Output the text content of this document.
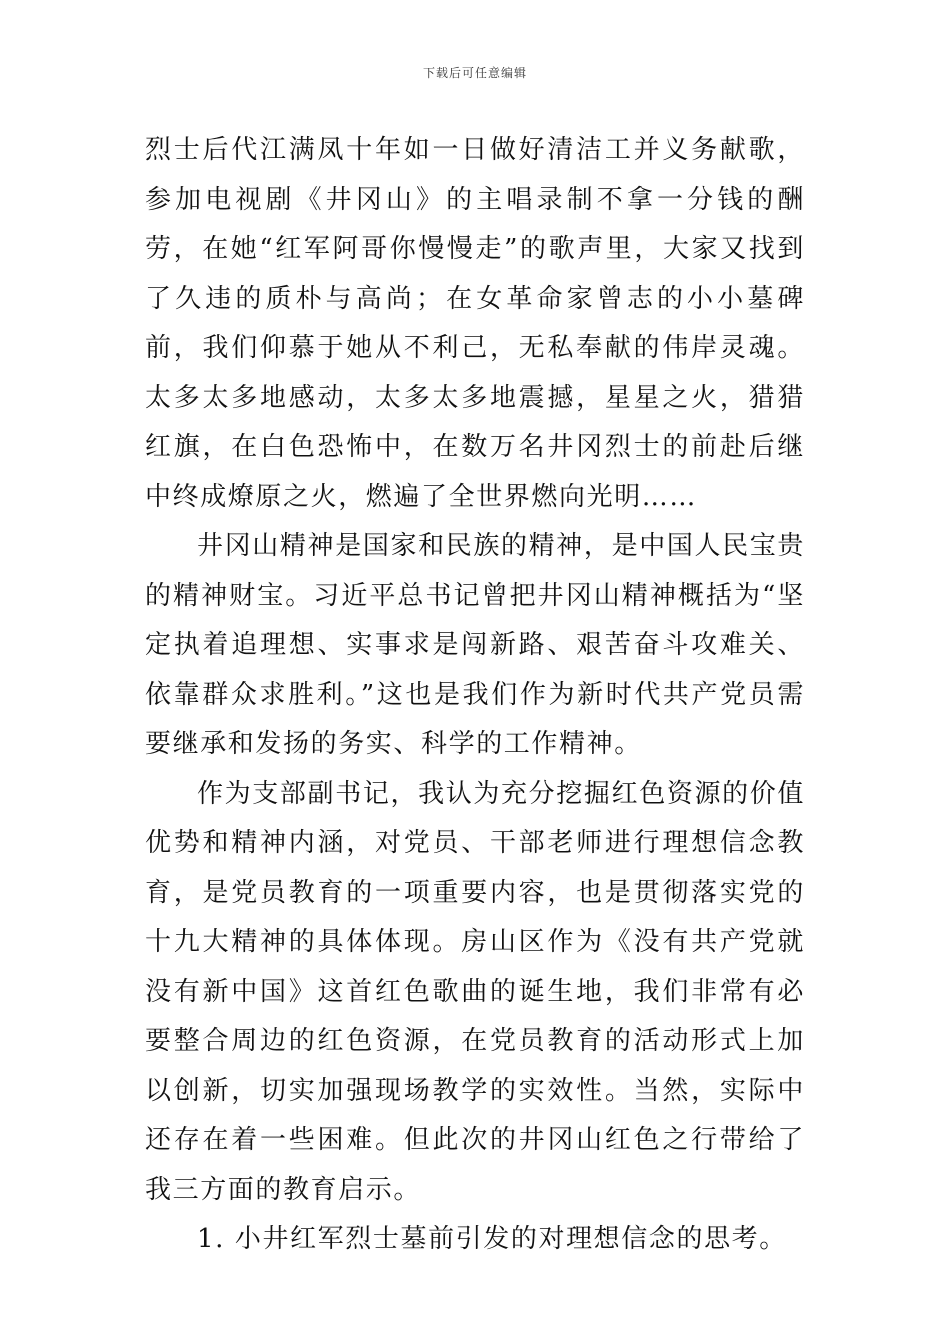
下载后可任意编辑

烈士后代江满凤十年如一日做好清洁工并义务献歌，参加电视剧《井冈山》的主唱录制不拿一分钱的酬劳，在她“红军阿哥你慢慢走”的歌声里，大家又找到了久违的质朴与高尚；在女革命家曾志的小小墓碑前，我们仰慕于她从不利己，无私奉献的伟岸灵魂。太多太多地感动，太多太多地震撼，星星之火，猎猎红旗，在白色恐怖中，在数万名井冈烈士的前赴后继中终成燎原之火，燃遍了全世界燃向光明……

井冈山精神是国家和民族的精神，是中国人民宝贵的精神财宝。习近平总书记曾把井冈山精神概括为“坚定执着追理想、实事求是闯新路、艰苦奋斗攻难关、依靠群众求胜利。”这也是我们作为新时代共产党员需要继承和发扬的务实、科学的工作精神。

作为支部副书记，我认为充分挖掘红色资源的价值优势和精神内涵，对党员、干部老师进行理想信念教育，是党员教育的一项重要内容，也是贯彻落实党的十九大精神的具体体现。房山区作为《没有共产党就没有新中国》这首红色歌曲的诞生地，我们非常有必要整合周边的红色资源，在党员教育的活动形式上加以创新，切实加强现场教学的实效性。当然，实际中还存在着一些困难。但此次的井冈山红色之行带给了我三方面的教育启示。

1. 小井红军烈士墓前引发的对理想信念的思考。
